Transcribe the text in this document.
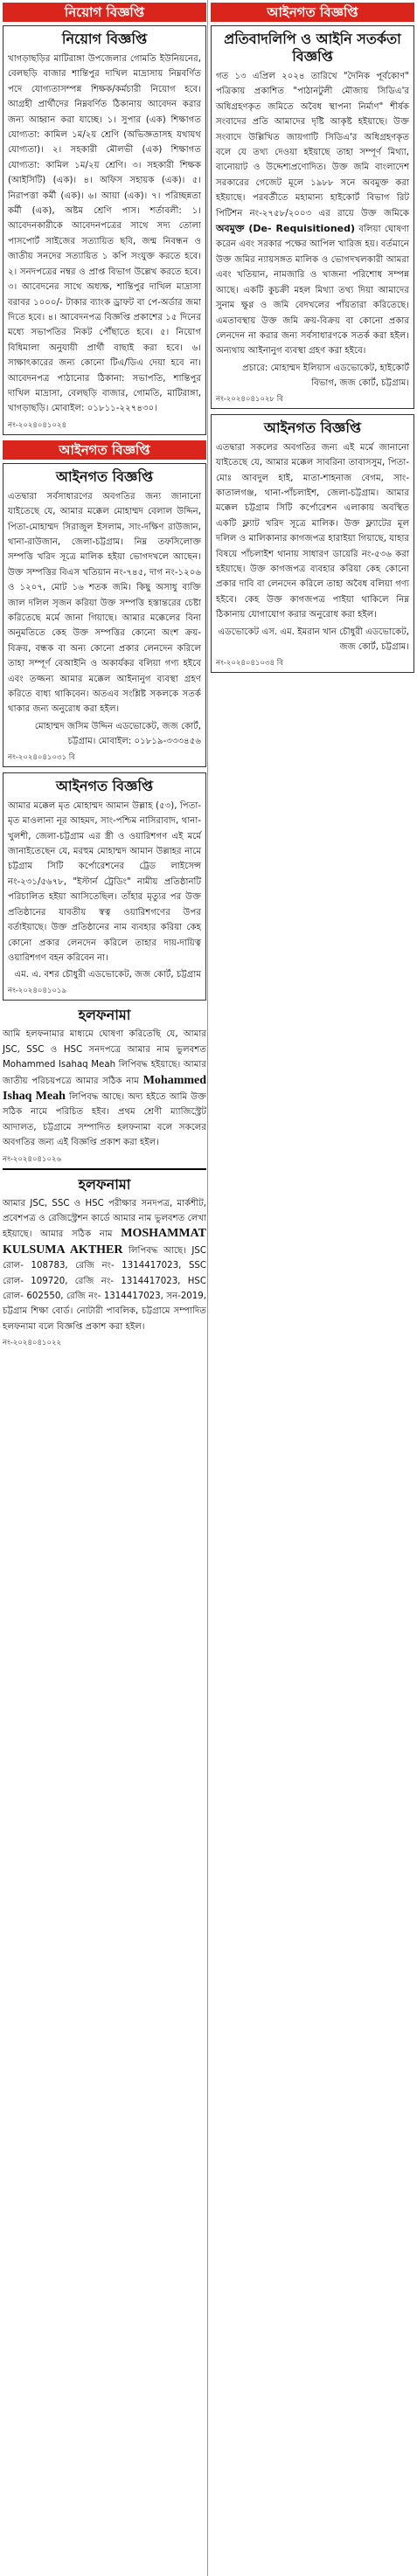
নিয়োগ বিজ্ঞপ্তি
নিয়োগ বিজ্ঞপ্তি

খাগড়াছড়ির মাটিরাঙ্গা উপজেলার গোমতি ইউনিয়নের, বেলছড়ি বাজার শান্তিপুর দাখিল মাদ্রাসায় নিম্নবর্ণিত পদে যোগ্যতাসম্পন্ন শিক্ষক/কর্মচারী নিয়োগ হবে। আগ্রহী প্রার্থীদের নিম্নবর্ণিত ঠিকানায় আবেদন করার জন্য আহ্বান করা যাচ্ছে। ১। সুপার (এক) শিক্ষাগত যোগ্যতা: কামিল ১ম/২য় শ্রেণি (অভিজ্ঞতাসহ যথাযথ যোগ্যতা)। ২। সহকারী মৌলভী (এক) শিক্ষাগত যোগ্যতা: কামিল ১ম/২য় শ্রেণি। ৩। সহকারী শিক্ষক (আইসিটি) (এক)। ৪। অফিস সহায়ক (এক)। ৫। নিরাপত্তা কর্মী (এক)। ৬। আয়া (এক)। ৭। পরিচ্ছন্নতা কর্মী (এক), অষ্টম শ্রেণি পাস। শর্তাবলী: ১। আবেদনকারীকে আবেদনপত্রের সাথে সদ্য তোলা পাসপোর্ট সাইজের সত্যায়িত ছবি, জন্ম নিবন্ধন ও জাতীয় সনদের সত্যায়িত ১ কপি সংযুক্ত করতে হবে। ২। সনদপত্রের নম্বর ও প্রাপ্ত বিভাগ উল্লেখ করতে হবে। ৩। আবেদনের সাথে অধ্যক্ষ, শান্তিপুর দাখিল মাদ্রাসা বরাবর ১০০০/- টাকার ব্যাংক ড্রাফট বা পে-অর্ডার জমা দিতে হবে। ৪। আবেদনপত্র বিজ্ঞপ্তি প্রকাশের ১৫ দিনের মধ্যে সভাপতির নিকট পৌঁছাতে হবে। ৫। নিয়োগ বিধিমালা অনুযায়ী প্রার্থী বাছাই করা হবে। ৬। সাক্ষাৎকারের জন্য কোনো টিএ/ডিএ দেয়া হবে না। আবেদনপত্র পাঠানোর ঠিকানা: সভাপতি, শান্তিপুর দাখিল মাদ্রাসা, বেলছড়ি বাজার, গোমতি, মাটিরাঙ্গা, খাগড়াছড়ি। মোবাইল: ০১৮১১-২২৭৪৩০।

নং-২০২৪০৪১০২৪
আইনগত বিজ্ঞপ্তি
আইনগত বিজ্ঞপ্তি

এতদ্বারা সর্বসাধারণের অবগতির জন্য জানানো যাইতেছে যে, আমার মক্কেল মোহাম্মদ বেলাল উদ্দিন, পিতা-মোহাম্মদ সিরাজুল ইসলাম, সাং-দক্ষিণ রাউজান, থানা-রাউজান, জেলা-চট্টগ্রাম। নিম্ন তফসিলোক্ত সম্পত্তি খরিদ সূত্রে মালিক হইয়া ভোগদখলে আছেন। উক্ত সম্পত্তির বিএস খতিয়ান নং-৭৪৫, দাগ নং-১২০৬ ও ১২০৭, মোট ১৬ শতক জমি। কিছু অসাধু ব্যক্তি জাল দলিল সৃজন করিয়া উক্ত সম্পত্তি হস্তান্তরের চেষ্টা করিতেছে মর্মে জানা গিয়াছে। আমার মক্কেলের বিনা অনুমতিতে কেহ উক্ত সম্পত্তির কোনো অংশ ক্রয়-বিক্রয়, বন্ধক বা অন্য কোনো প্রকার লেনদেন করিলে তাহা সম্পূর্ণ বেআইনি ও অকার্যকর বলিয়া গণ্য হইবে এবং তজ্জন্য আমার মক্কেল আইনানুগ ব্যবস্থা গ্রহণ করিতে বাধ্য থাকিবেন। অতএব সংশ্লিষ্ট সকলকে সতর্ক থাকার জন্য অনুরোধ করা হইল।

মোহাম্মদ জসিম উদ্দিন এডভোকেট, জজ কোর্ট, চট্টগ্রাম। মোবাইল: ০১৮১৯-৩৩৩৪৫৬
নং-২০২৪০৪১০৩১ বি
আইনগত বিজ্ঞপ্তি

আমার মক্কেল মৃত মোহাম্মদ আমান উল্লাহ (৫৩), পিতা-মৃত মাওলানা নূর আহমদ, সাং-পশ্চিম নাসিরাবাদ, থানা-খুলশী, জেলা-চট্টগ্রাম এর স্ত্রী ও ওয়ারিশগণ এই মর্মে জানাইতেছেন যে, মরহুম মোহাম্মদ আমান উল্লাহর নামে চট্টগ্রাম সিটি কর্পোরেশনের ট্রেড লাইসেন্স নং-২৩১/৫৬৭৮, "ইস্টার্ন ট্রেডিং" নামীয় প্রতিষ্ঠানটি পরিচালিত হইয়া আসিতেছিল। তাঁহার মৃত্যুর পর উক্ত প্রতিষ্ঠানের যাবতীয় স্বত্ব ওয়ারিশগণের উপর বর্তাইয়াছে। উক্ত প্রতিষ্ঠানের নাম ব্যবহার করিয়া কেহ কোনো প্রকার লেনদেন করিলে তাহার দায়-দায়িত্ব ওয়ারিশগণ বহন করিবেন না।

এম. এ. বশর চৌধুরী এডভোকেট, জজ কোর্ট, চট্টগ্রাম
নং-২০২৪০৪১০১৯
হলফনামা

আমি হলফনামার মাধ্যমে ঘোষণা করিতেছি যে, আমার JSC, SSC ও HSC সনদপত্রে আমার নাম ভুলবশত Mohammed Isahaq Meah লিপিবদ্ধ হইয়াছে। আমার জাতীয় পরিচয়পত্রে আমার সঠিক নাম Mohammed Ishaq Meah লিপিবদ্ধ আছে। অদ্য হইতে আমি উক্ত সঠিক নামে পরিচিত হইব। প্রথম শ্রেণী ম্যাজিস্ট্রেট আদালত, চট্টগ্রামে সম্পাদিত হলফনামা বলে সকলের অবগতির জন্য এই বিজ্ঞপ্তি প্রকাশ করা হইল।

নং-২০২৪০৪১০২৬
হলফনামা

আমার JSC, SSC ও HSC পরীক্ষার সনদপত্র, মার্কশীট, প্রবেশপত্র ও রেজিস্ট্রেশন কার্ডে আমার নাম ভুলবশত লেখা হইয়াছে। আমার সঠিক নাম MOSHAMMAT KULSUMA AKTHER লিপিবদ্ধ আছে। JSC রোল- 108783, রেজি নং- 1314417023, SSC রোল- 109720, রেজি নং- 1314417023, HSC রোল- 602550, রেজি নং- 1314417023, সন-2019, চট্টগ্রাম শিক্ষা বোর্ড। নোটারী পাবলিক, চট্টগ্রামে সম্পাদিত হলফনামা বলে বিজ্ঞপ্তি প্রকাশ করা হইল।

নং-২০২৪০৪১০২২
আইনগত বিজ্ঞপ্তি
প্রতিবাদলিপি ও আইনি সতর্কতা বিজ্ঞপ্তি

গত ১৩ এপ্রিল ২০২৪ তারিখে "দৈনিক পূর্বকোণ" পত্রিকায় প্রকাশিত "পাঠানটুলী মৌজায় সিডিএ'র অধিগ্রহণকৃত জমিতে অবৈধ স্থাপনা নির্মাণ" শীর্ষক সংবাদের প্রতি আমাদের দৃষ্টি আকৃষ্ট হইয়াছে। উক্ত সংবাদে উল্লিখিত জায়গাটি সিডিএ'র অধিগ্রহণকৃত বলে যে তথ্য দেওয়া হইয়াছে তাহা সম্পূর্ণ মিথ্যা, বানোয়াট ও উদ্দেশ্যপ্রণোদিত। উক্ত জমি বাংলাদেশ সরকারের গেজেট মূলে ১৯৮৮ সনে অবমুক্ত করা হইয়াছে। পরবর্তীতে মহামান্য হাইকোর্ট বিভাগ রিট পিটিশন নং-২৭৫৮/২০০৩ এর রায়ে উক্ত জমিকে অবমুক্ত (De- Requisitioned) বলিয়া ঘোষণা করেন এবং সরকার পক্ষের আপিল খারিজ হয়। বর্তমানে উক্ত জমির ন্যায়সঙ্গত মালিক ও ভোগদখলকারী আমরা এবং খতিয়ান, নামজারি ও খাজনা পরিশোধ সম্পন্ন আছে। একটি কুচক্রী মহল মিথ্যা তথ্য দিয়া আমাদের সুনাম ক্ষুণ্ণ ও জমি বেদখলের পাঁয়তারা করিতেছে। এমতাবস্থায় উক্ত জমি ক্রয়-বিক্রয় বা কোনো প্রকার লেনদেন না করার জন্য সর্বসাধারণকে সতর্ক করা হইল। অন্যথায় আইনানুগ ব্যবস্থা গ্রহণ করা হইবে।

প্রচারে: মোহাম্মদ ইলিয়াস এডভোকেট, হাইকোর্ট বিভাগ, জজ কোর্ট, চট্টগ্রাম।
নং-২০২৪০৪১০২৮ বি
আইনগত বিজ্ঞপ্তি

এতদ্বারা সকলের অবগতির জন্য এই মর্মে জানানো যাইতেছে যে, আমার মক্কেল সাবরিনা তাবাসসুম, পিতা-মোঃ আবদুল হাই, মাতা-শাহনাজ বেগম, সাং-কাতালগঞ্জ, থানা-পাঁচলাইশ, জেলা-চট্টগ্রাম। আমার মক্কেল চট্টগ্রাম সিটি কর্পোরেশন এলাকায় অবস্থিত একটি ফ্ল্যাট খরিদ সূত্রে মালিক। উক্ত ফ্ল্যাটের মূল দলিল ও মালিকানার কাগজপত্র হারাইয়া গিয়াছে, যাহার বিষয়ে পাঁচলাইশ থানায় সাধারণ ডায়েরি নং-৫৩৬ করা হইয়াছে। উক্ত কাগজপত্র ব্যবহার করিয়া কেহ কোনো প্রকার দাবি বা লেনদেন করিলে তাহা অবৈধ বলিয়া গণ্য হইবে। কেহ উক্ত কাগজপত্র পাইয়া থাকিলে নিম্ন ঠিকানায় যোগাযোগ করার অনুরোধ করা হইল।

এডভোকেট এস. এম. ইমরান খান চৌধুরী এডভোকেট, জজ কোর্ট, চট্টগ্রাম।
নং-২০২৪০৪১০৩৪ বি
